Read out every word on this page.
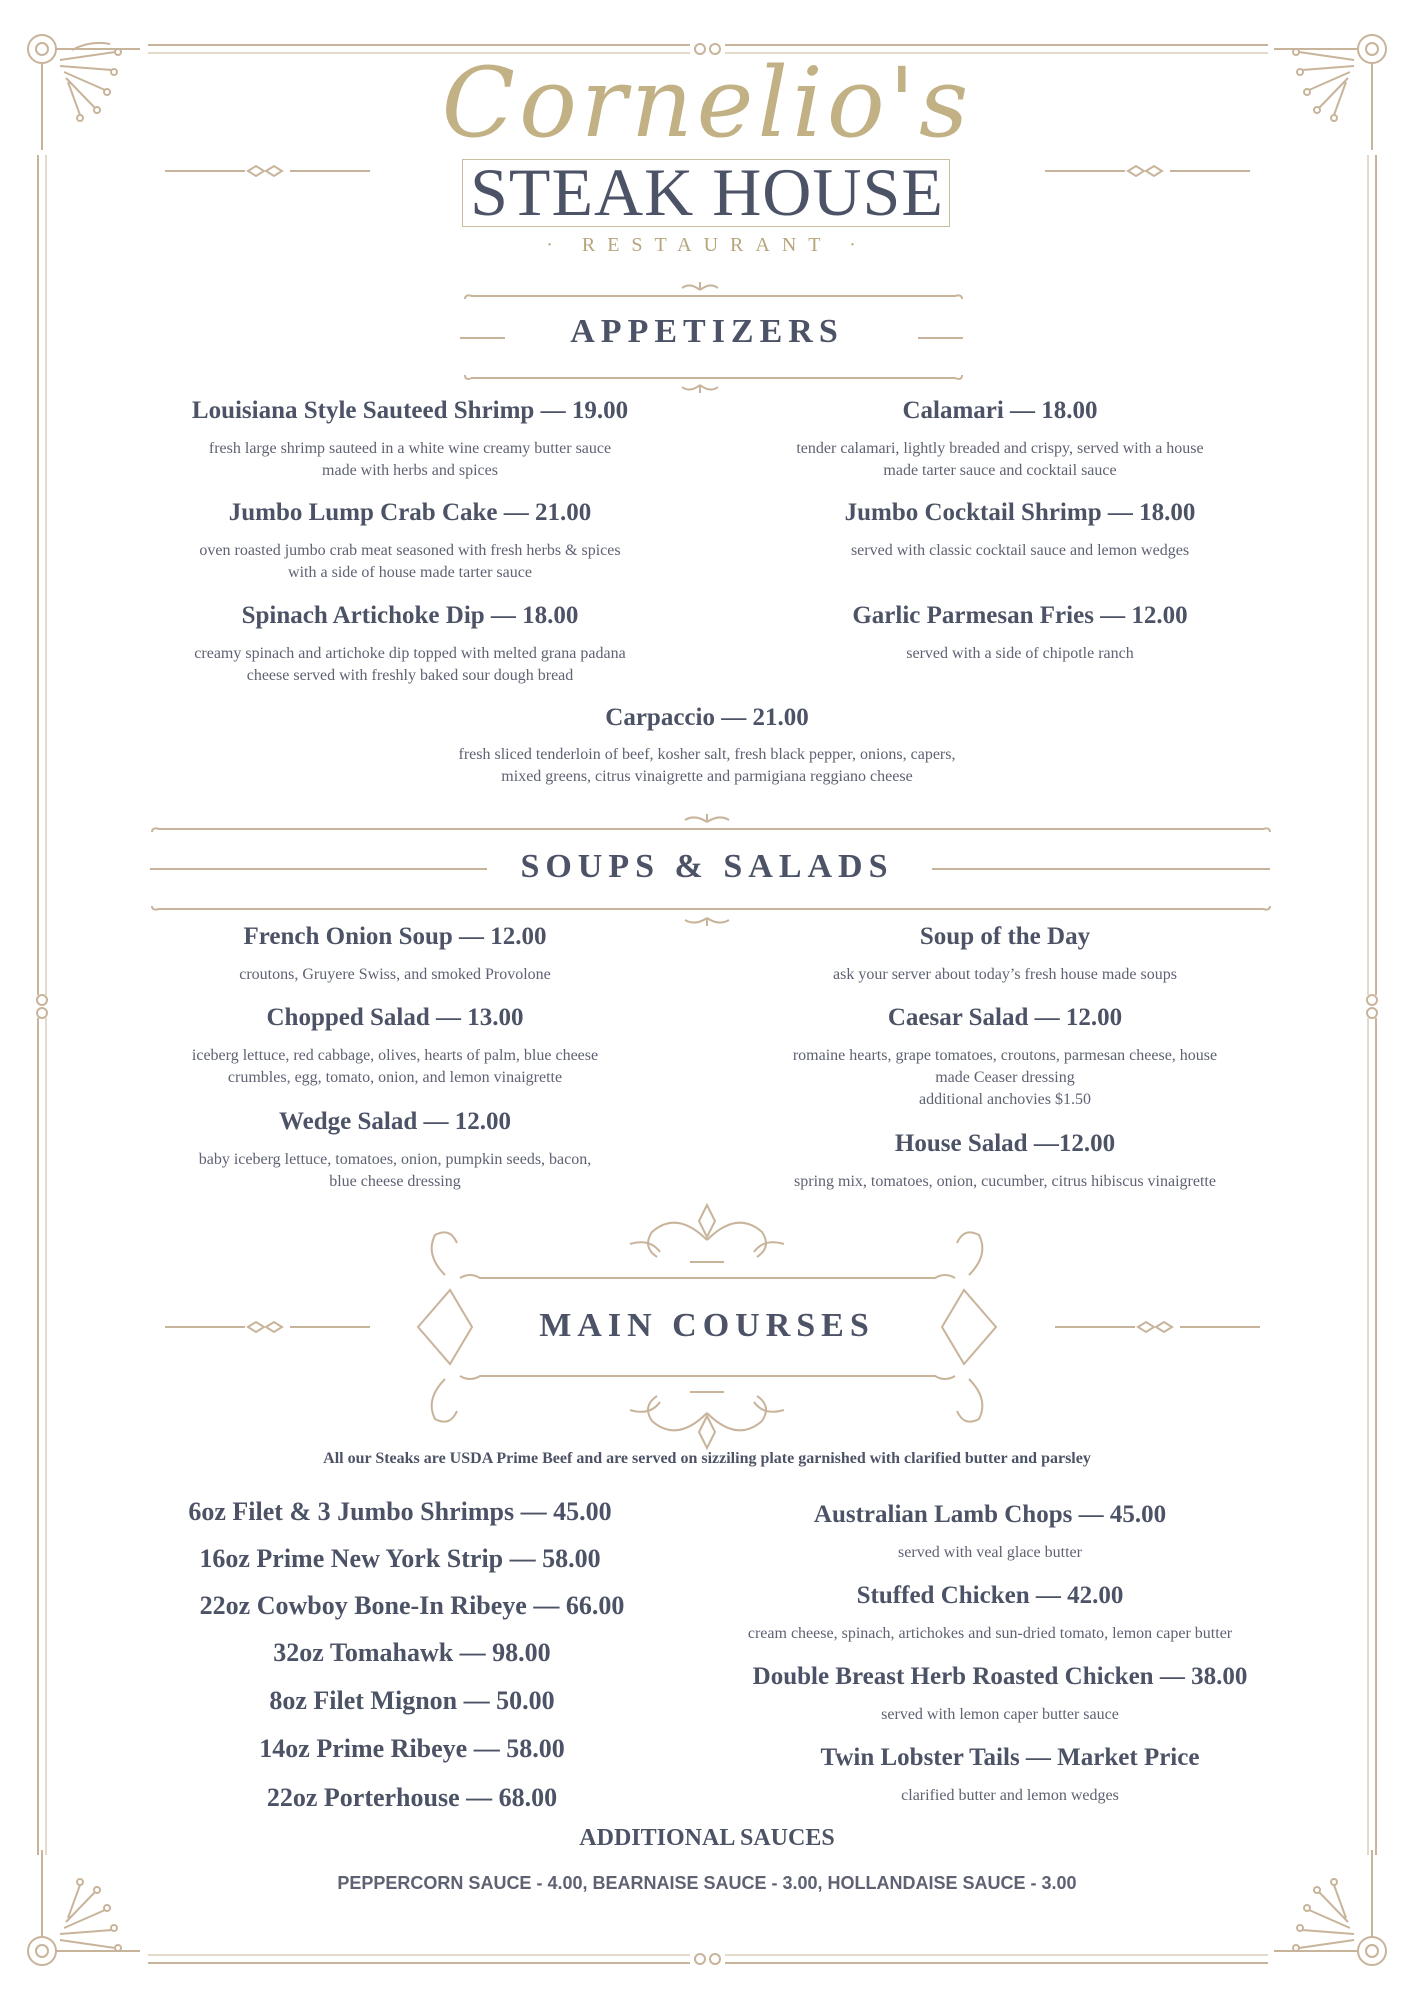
Cornelio's
STEAK HOUSE
· RESTAURANT ·
APPETIZERS
Louisiana Style Sauteed Shrimp — 19.00
fresh large shrimp sauteed in a white wine creamy butter sauce
made with herbs and spices
Calamari — 18.00
tender calamari, lightly breaded and crispy, served with a house
made tarter sauce and cocktail sauce
Jumbo Lump Crab Cake — 21.00
oven roasted jumbo crab meat seasoned with fresh herbs & spices
with a side of house made tarter sauce
Jumbo Cocktail Shrimp — 18.00
served with classic cocktail sauce and lemon wedges
Spinach Artichoke Dip — 18.00
creamy spinach and artichoke dip topped with melted grana padana
cheese served with freshly baked sour dough bread
Garlic Parmesan Fries — 12.00
served with a side of chipotle ranch
Carpaccio — 21.00
fresh sliced tenderloin of beef, kosher salt, fresh black pepper, onions, capers,
mixed greens, citrus vinaigrette and parmigiana reggiano cheese
SOUPS & SALADS
French Onion Soup — 12.00
croutons, Gruyere Swiss, and smoked Provolone
Soup of the Day
ask your server about today’s fresh house made soups
Chopped Salad — 13.00
iceberg lettuce, red cabbage, olives, hearts of palm, blue cheese
crumbles, egg, tomato, onion, and lemon vinaigrette
Caesar Salad — 12.00
romaine hearts, grape tomatoes, croutons, parmesan cheese, house
made Ceaser dressing
additional anchovies $1.50
Wedge Salad — 12.00
baby iceberg lettuce, tomatoes, onion, pumpkin seeds, bacon,
blue cheese dressing
House Salad —12.00
spring mix, tomatoes, onion, cucumber, citrus hibiscus vinaigrette
MAIN COURSES
All our Steaks are USDA Prime Beef and are served on sizziling plate garnished with clarified butter and parsley
6oz Filet & 3 Jumbo Shrimps — 45.00
16oz Prime New York Strip — 58.00
22oz Cowboy Bone-In Ribeye — 66.00
32oz Tomahawk — 98.00
8oz Filet Mignon — 50.00
14oz Prime Ribeye — 58.00
22oz Porterhouse — 68.00
Australian Lamb Chops — 45.00
served with veal glace butter
Stuffed Chicken — 42.00
cream cheese, spinach, artichokes and sun-dried tomato, lemon caper butter
Double Breast Herb Roasted Chicken — 38.00
served with lemon caper butter sauce
Twin Lobster Tails — Market Price
clarified butter and lemon wedges
ADDITIONAL SAUCES
PEPPERCORN SAUCE - 4.00, BEARNAISE SAUCE - 3.00, HOLLANDAISE SAUCE - 3.00
